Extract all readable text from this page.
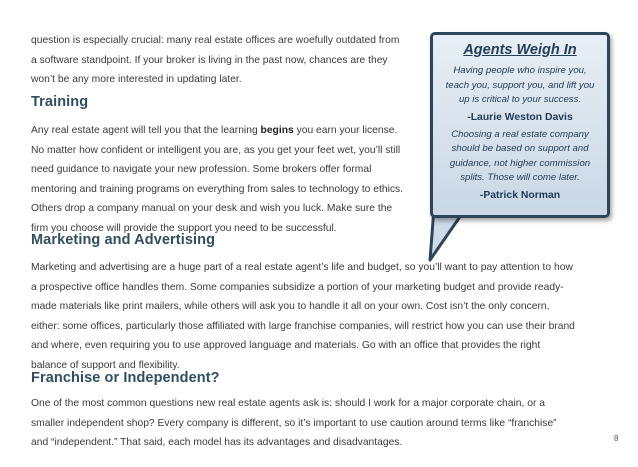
question is especially crucial: many real estate offices are woefully outdated from
a software standpoint. If your broker is living in the past now, chances are they
won’t be any more interested in updating later.

Training

Any real estate agent will tell you that the learning begins you earn your license.
No matter how confident or intelligent you are, as you get your feet wet, you’ll still
need guidance to navigate your new profession. Some brokers offer formal
mentoring and training programs on everything from sales to technology to ethics.
Others drop a company manual on your desk and wish you luck. Make sure the
firm you choose will provide the support you need to be successful.

Agents Weigh In

Having people who inspire you,
teach you, support you, and lift you
up is critical to your success.

-Laurie Weston Davis

Choosing a real estate company
should be based on support and
guidance, not higher commission
splits. Those will come later.

-Patrick Norman
Marketing and Advertising

Marketing and advertising are a huge part of a real estate agent’s life and budget, so you’ll want to pay attention to how
a prospective office handles them. Some companies subsidize a portion of your marketing budget and provide ready-
made materials like print mailers, while others will ask you to handle it all on your own. Cost isn’t the only concern,
either: some offices, particularly those affiliated with large franchise companies, will restrict how you can use their brand
and where, even requiring you to use approved language and materials. Go with an office that provides the right
balance of support and flexibility.

Franchise or Independent?

One of the most common questions new real estate agents ask is: should I work for a major corporate chain, or a
smaller independent shop? Every company is different, so it’s important to use caution around terms like “franchise”
and “independent.” That said, each model has its advantages and disadvantages.	8
